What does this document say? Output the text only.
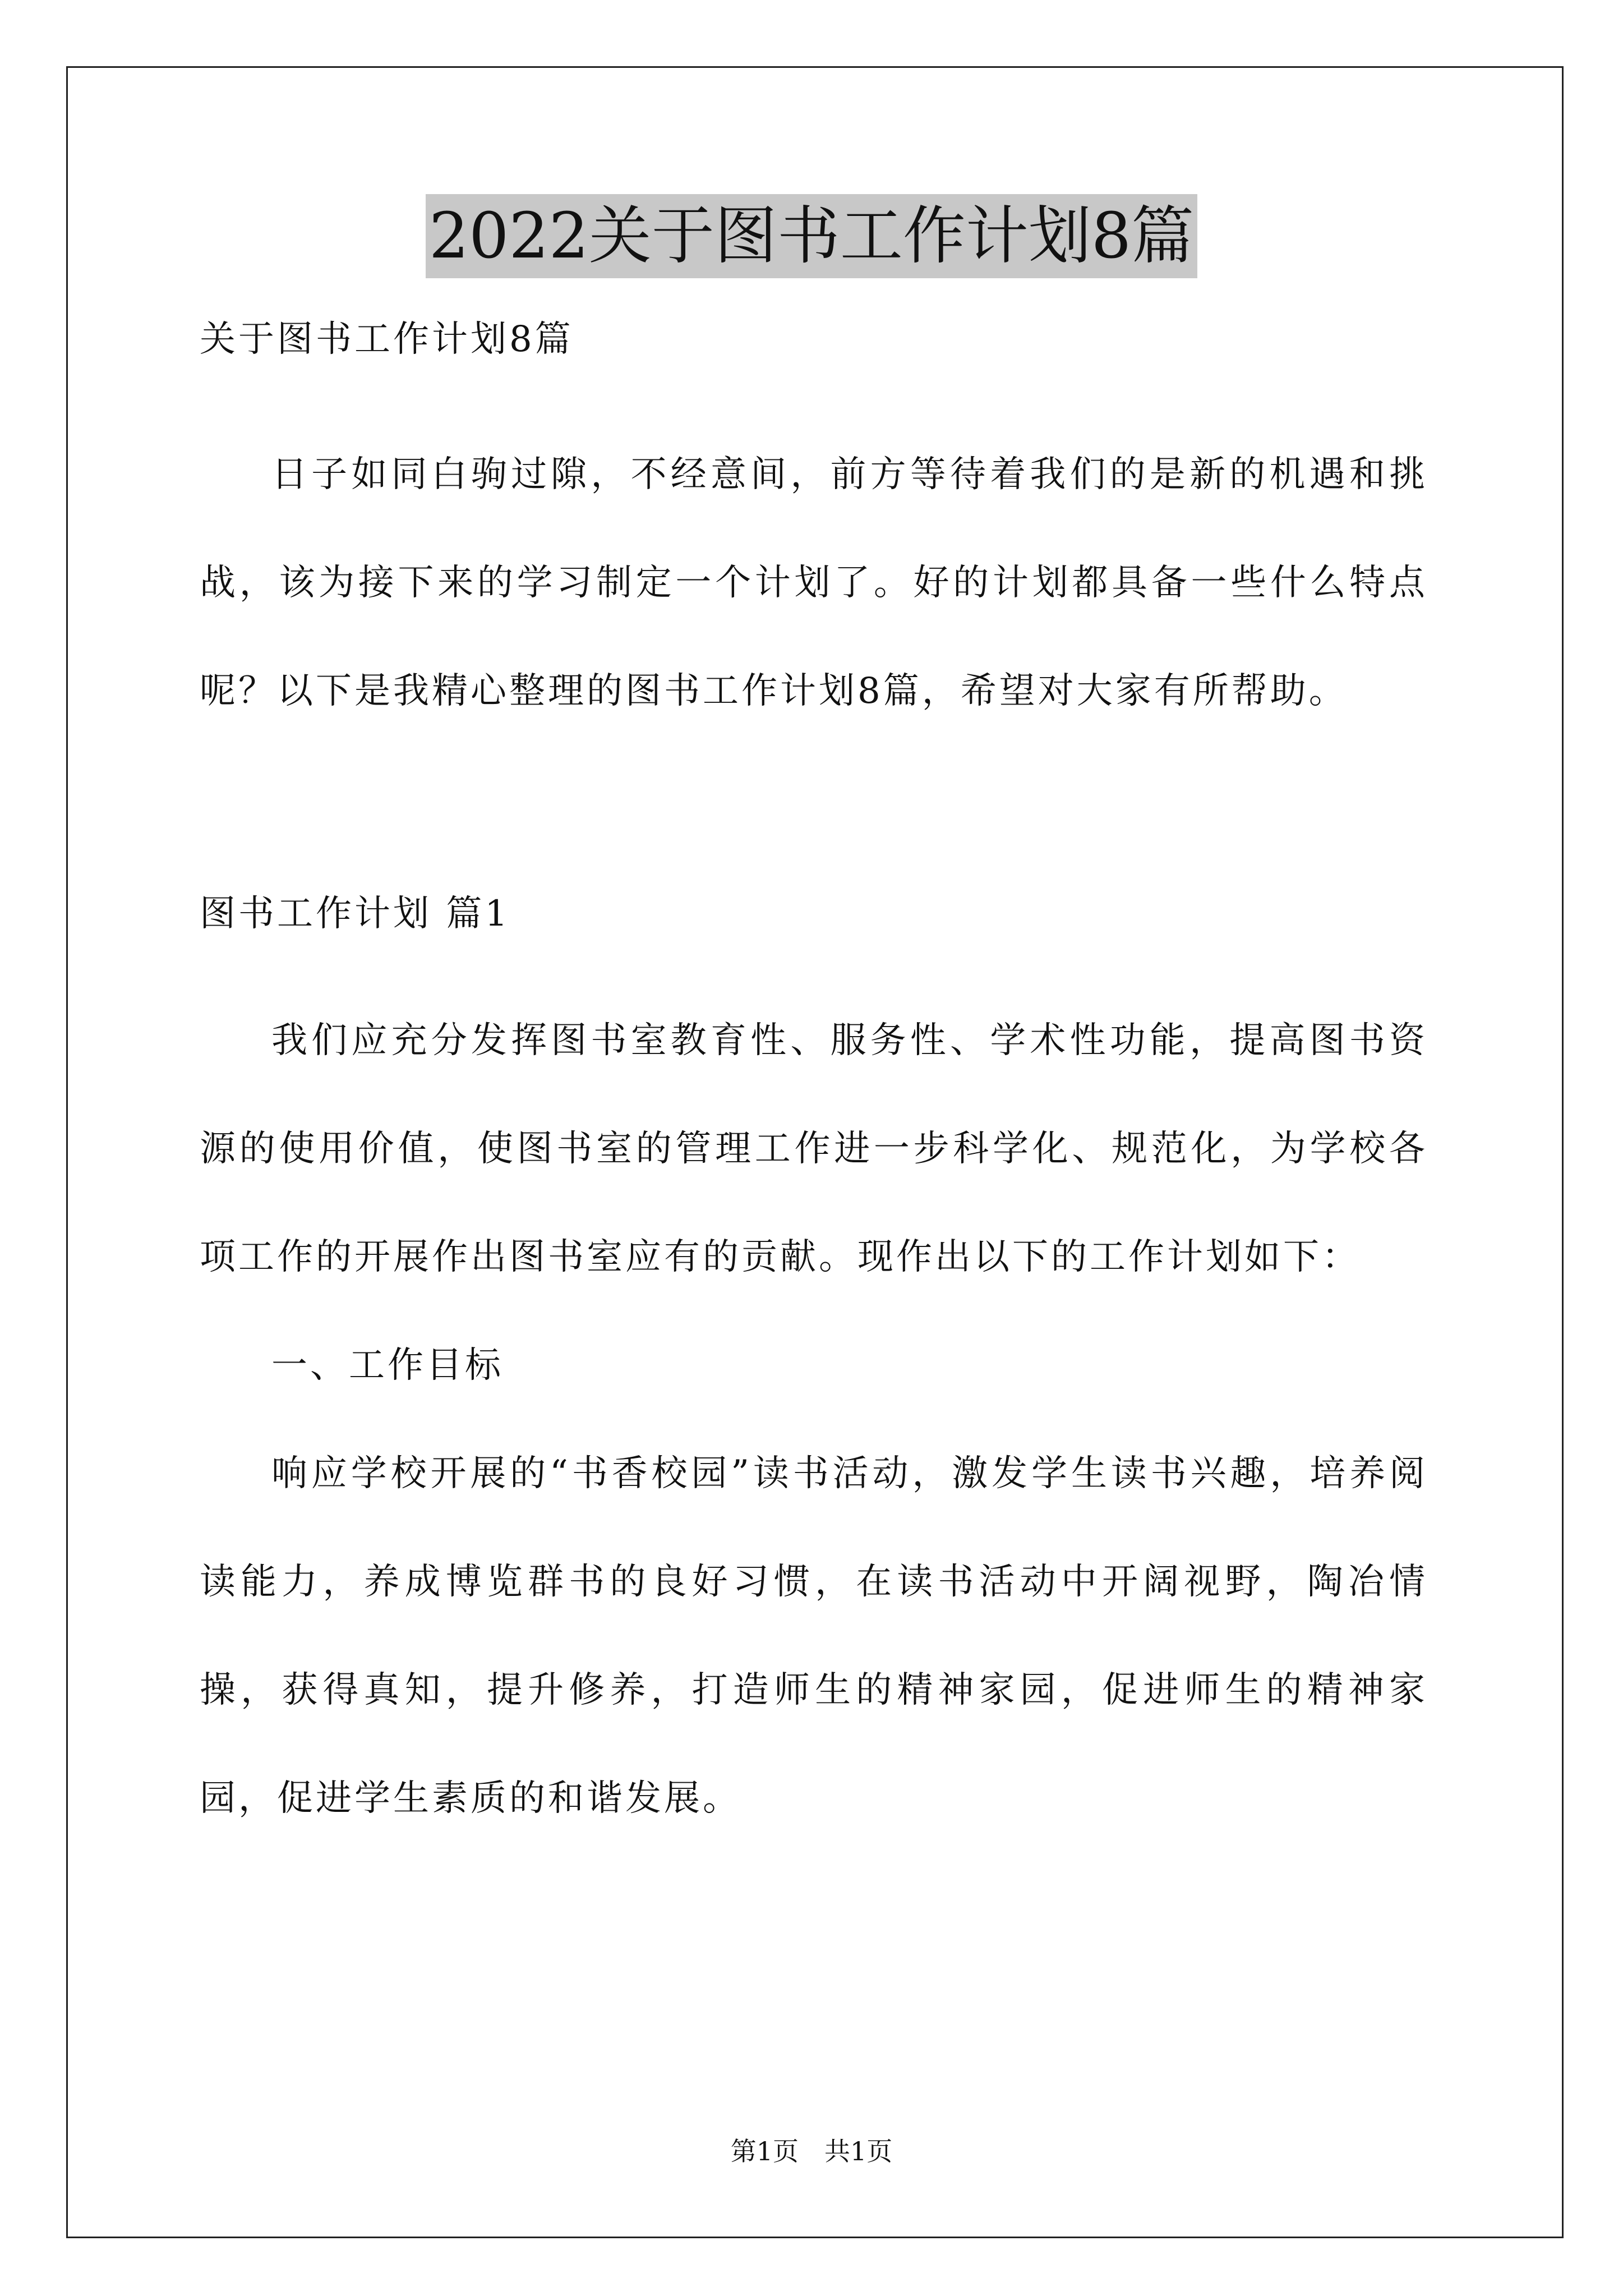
2022关于图书工作计划8篇

关于图书工作计划8篇

日子如同白驹过隙，不经意间，前方等待着我们的是新的机遇和挑战，该为接下来的学习制定一个计划了。好的计划都具备一些什么特点呢？以下是我精心整理的图书工作计划8篇，希望对大家有所帮助。

图书工作计划 篇1

我们应充分发挥图书室教育性、服务性、学术性功能，提高图书资源的使用价值，使图书室的管理工作进一步科学化、规范化，为学校各项工作的开展作出图书室应有的贡献。现作出以下的工作计划如下：

一、工作目标

响应学校开展的“书香校园”读书活动，激发学生读书兴趣，培养阅读能力，养成博览群书的良好习惯，在读书活动中开阔视野，陶冶情操，获得真知，提升修养，打造师生的精神家园，促进师生的精神家园，促进学生素质的和谐发展。

第1页　共1页
